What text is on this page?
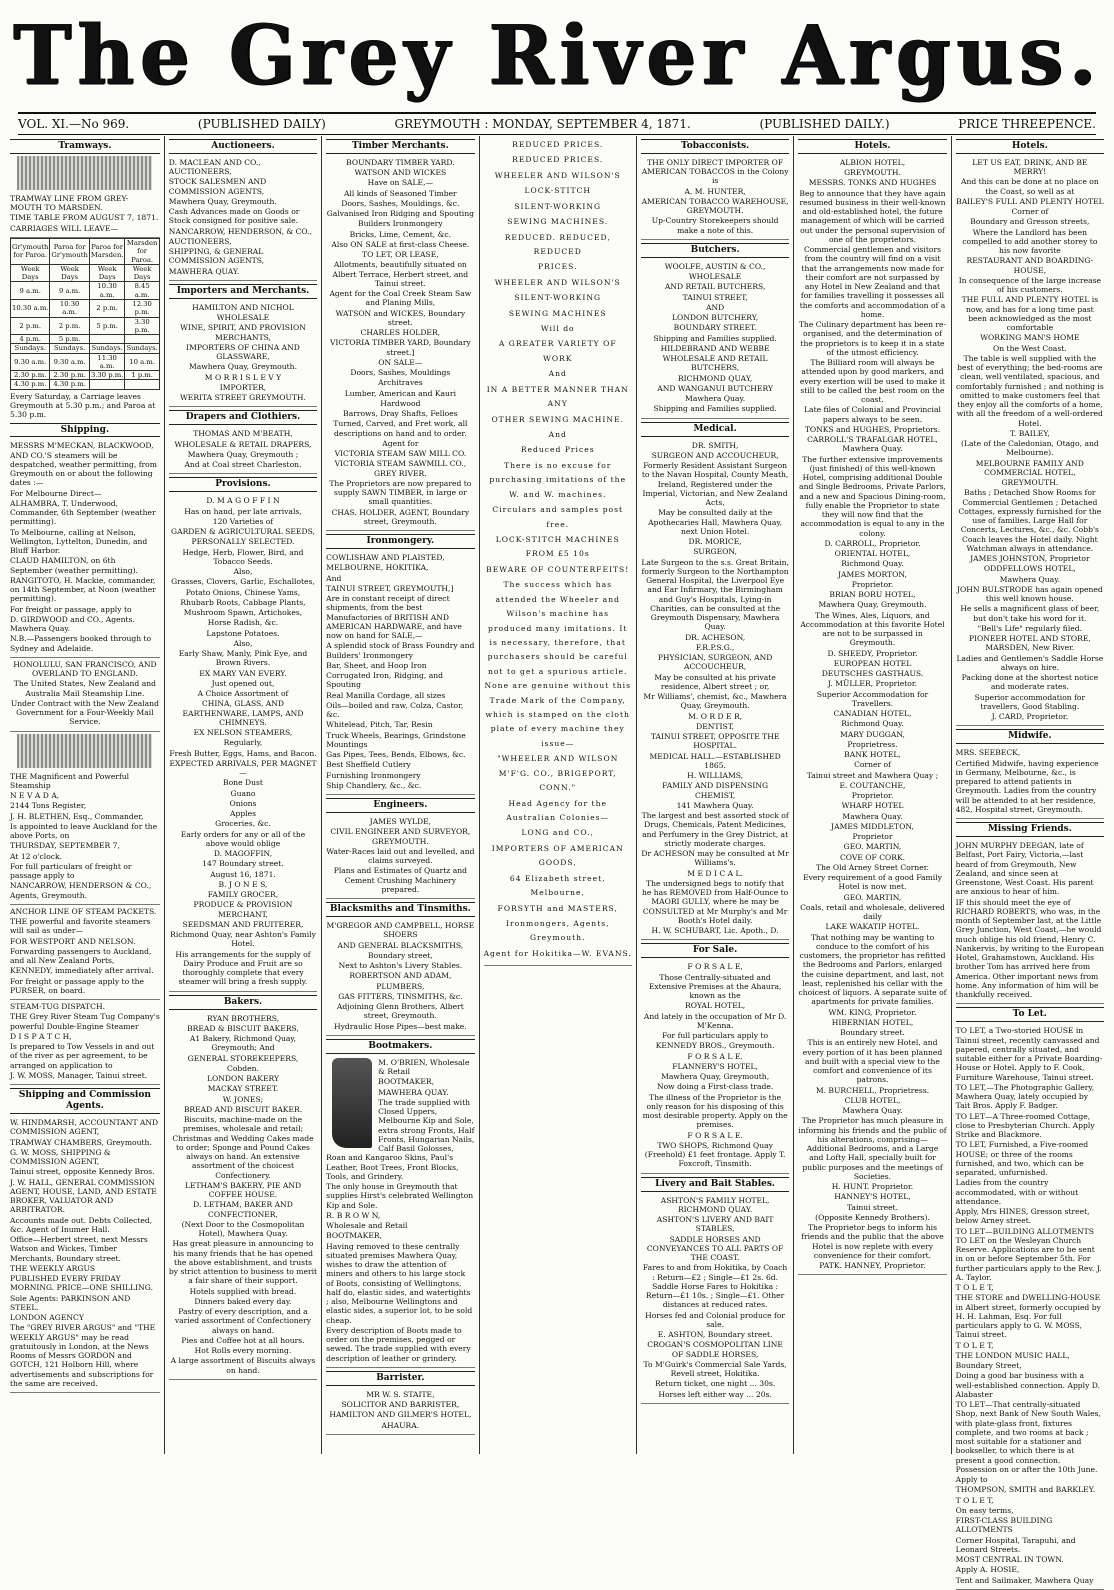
The Grey River Argus.
VOL. XI.—No 969.	(PUBLISHED DAILY)	GREYMOUTH : MONDAY, SEPTEMBER 4, 1871.	(PUBLISHED DAILY.)	PRICE THREEPENCE.
Tramways.

TRAMWAY LINE FROM GREY-MOUTH TO MARSDEN.

TIME TABLE FROM AUGUST 7, 1871.

CARRIAGES WILL LEAVE—

Gr'ymouth for Paroa.	Paroa for Gr'ymouth	Paroa for Marsden.	Marsden for Paroa.
Week Days	Week Days	Week Days	Week Days
9 a.m.	9 a.m.	10.30 a.m.	8.45 a.m.
10.30 a.m.	10.30 a.m.	2 p.m.	12.30 p.m.
2 p.m.	2 p.m.	5 p.m.	3.30 p.m.
4 p.m.	5 p.m.		
Sundays.	Sundays.	Sundays.	Sundays.
9.30 a.m.	9.30 a.m.	11.30 a.m.	10 a.m.
2.30 p.m.	2.30 p.m.	3.30 p.m.	1 p.m.
4.30 p.m.	4.30 p.m.		

Every Saturday, a Carriage leaves Greymouth at 5.30 p.m.; and Paroa at 5.30 p.m.

Shipping.

MESSRS M'MECKAN, BLACKWOOD, AND CO.'S steamers will be despatched, weather permitting, from Greymouth on or about the following dates :—

For Melbourne Direct—

ALHAMBRA, T. Underwood, Commander, 6th September (weather permitting).

To Melbourne, calling at Nelson, Wellington, Lyttelton, Dunedin, and Bluff Harbor.

CLAUD HAMILTON, on 6th September (weather permitting).

RANGITOTO, H. Mackie, commander, on 14th September, at Noon (weather permitting).

For freight or passage, apply to

D. GIRDWOOD and CO., Agents. Mawhera Quay.

N.B.—Passengers booked through to Sydney and Adelaide.

HONOLULU, SAN FRANCISCO, AND OVERLAND TO ENGLAND.

The United States, New Zealand and Australia Mail Steamship Line.

Under Contract with the New Zealand Government for a Four-Weekly Mail Service.

THE Magnificent and Powerful Steamship

N E V A D A,

2144 Tons Register,

J. H. BLETHEN, Esq., Commander,

Is appointed to leave Auckland for the above Ports, on

THURSDAY, SEPTEMBER 7,

At 12 o'clock.

For full particulars of freight or passage apply to

NANCARROW, HENDERSON & CO., Agents, Greymouth.

ANCHOR LINE OF STEAM PACKETS.

THE powerful and favorite steamers will sail as under—

FOR WESTPORT AND NELSON.

Forwarding passengers to Auckland, and all New Zealand Ports,

KENNEDY, immediately after arrival.

For freight or passage apply to the PURSER, on board.

STEAM-TUG DISPATCH.

THE Grey River Steam Tug Company's powerful Double-Engine Steamer

D I S P A T C H,

Is prepared to Tow Vessels in and out of the river as per agreement, to be arranged on application to

J. W. MOSS, Manager, Tainui street.

Shipping and Commission Agents.

W. HINDMARSH, ACCOUNTANT AND COMMISSION AGENT,

TRAMWAY CHAMBERS, Greymouth.

G. W. MOSS, SHIPPING & COMMISSION AGENT,

Tainui street, opposite Kennedy Bros.

J. W. HALL, GENERAL COMMISSION AGENT, HOUSE, LAND, AND ESTATE BROKER, VALUATOR AND ARBITRATOR.

Accounts made out. Debts Collected, &c. Agent of Inumer Hall.

Office—Herbert street, next Messrs Watson and Wickes, Timber Merchants, Boundary street.

THE WEEKLY ARGUS

PUBLISHED EVERY FRIDAY MORNING. PRICE—ONE SHILLING.

Sole Agents: PARKINSON AND STEEL.

LONDON AGENCY

The "GREY RIVER ARGUS" and "THE WEEKLY ARGUS" may be read gratuitously in London, at the News Rooms of Messrs GORDON and GOTCH, 121 Holborn Hill, where advertisements and subscriptions for the same are received.

Auctioneers.

D. MACLEAN AND CO., AUCTIONEERS,

STOCK SALESMEN AND COMMISSION AGENTS,

Mawhera Quay, Greymouth.

Cash Advances made on Goods or Stock consigned for positive sale.

NANCARROW, HENDERSON, & CO.,

AUCTIONEERS,

SHIPPING, & GENERAL COMMISSION AGENTS,

MAWHERA QUAY.

Importers and Merchants.

HAMILTON AND NICHOL

WHOLESALE

WINE, SPIRIT, AND PROVISION MERCHANTS,

IMPORTERS OF CHINA AND GLASSWARE,

Mawhera Quay, Greymouth.

M O R R I S L E V Y

IMPORTER,

WERITA STREET GREYMOUTH.

Drapers and Clothiers.

THOMAS AND M'BEATH,

WHOLESALE & RETAIL DRAPERS,

Mawhera Quay, Greymouth ;

And at Coal street Charleston.

Provisions.

D. M A G O F F I N

Has on hand, per late arrivals,

120 Varieties of

GARDEN & AGRICULTURAL SEEDS,

PERSONALLY SELECTED.

Hedge, Herb, Flower, Bird, and Tobacco Seeds.

Also,

Grasses, Clovers, Garlic, Eschallotes,

Potato Onions, Chinese Yams,

Rhubarb Roots, Cabbage Plants,

Mushroom Spawn, Artichokes,

Horse Radish, &c.

Lapstone Potatoes.

Also,

Early Shaw, Manly, Pink Eye, and Brown Rivers.

EX MARY VAN EVERY.

Just opened out,

A Choice Assortment of

CHINA, GLASS, AND EARTHENWARE, LAMPS, AND CHIMNEYS.

EX NELSON STEAMERS,

Regularly,

Fresh Butter, Eggs, Hams, and Bacon.

EXPECTED ARRIVALS, PER MAGNET—

Bone Dust

Guano

Onions

Apples

Groceries, &c.

Early orders for any or all of the above would oblige

D. MAGOFFIN,

147 Boundary street.

August 16, 1871.

B. J O N E S,

FAMILY GROCER,

PRODUCE & PROVISION MERCHANT,

SEEDSMAN AND FRUITERER,

Richmond Quay, near Ashton's Family Hotel.

His arrangements for the supply of Dairy Produce and Fruit are so thoroughly complete that every steamer will bring a fresh supply.

Bakers.

RYAN BROTHERS,

BREAD & BISCUIT BAKERS,

A1 Bakery, Richmond Quay, Greymouth; And

GENERAL STOREKEEPERS,

Cobden.

LONDON BAKERY

MACKAY STREET.

W. JONES;

BREAD AND BISCUIT BAKER.

Biscuits, machine-made on the premises, wholesale and retail; Christmas and Wedding Cakes made to order; Sponge and Pound Cakes always on hand. An extensive assortment of the choicest Confectionery.

LETHAM'S BAKERY, PIE AND COFFEE HOUSE.

D. LETHAM, BAKER AND CONFECTIONER,

(Next Door to the Cosmopolitan Hotel), Mawhera Quay.

Has great pleasure in announcing to his many friends that he has opened the above establishment, and trusts by strict attention to business to merit a fair share of their support.

Hotels supplied with bread.

Dinners baked every day.

Pastry of every description, and a varied assortment of Confectionery always on hand.

Pies and Coffee hot at all hours.

Hot Rolls every morning.

A large assortment of Biscuits always on hand.

Timber Merchants.

BOUNDARY TIMBER YARD.

WATSON AND WICKES

Have on SALE,—

All kinds of Seasoned Timber

Doors, Sashes, Mouldings, &c.

Galvanised Iron Ridging and Spouting

Builders Ironmongery

Bricks, Lime, Cement, &c.

Also ON SALE at first-class Cheese.

TO LET, OR LEASE,

Allotments, beautifully situated on Albert Terrace, Herbert street, and Tainui street.

Agent for the Coal Creek Steam Saw and Planing Mills,

WATSON and WICKES, Boundary street.

CHARLES HOLDER,

VICTORIA TIMBER YARD, Boundary street.]

ON SALE—

Doors, Sashes, Mouldings

Architraves

Lumber, American and Kauri

Hardwood

Barrows, Dray Shafts, Felloes

Turned, Carved, and Fret work, all descriptions on hand and to order.

Agent for

VICTORIA STEAM SAW MILL CO.

VICTORIA STEAM SAWMILL CO., GREY RIVER.

The Proprietors are now prepared to supply SAWN TIMBER, in large or small quantities.

CHAS. HOLDER, AGENT, Boundary street, Greymouth.

Ironmongery.

COWLISHAW AND PLAISTED,

MELBOURNE, HOKITIKA,

And

TAINUI STREET, GREYMOUTH,]

Are in constant receipt of direct shipments, from the best Manufactories of BRITISH AND AMERICAN HARDWARE, and have now on hand for SALE,—

A splendid stock of Brass Foundry and Builders' Ironmongery

Bar, Sheet, and Hoop Iron

Corrugated Iron, Ridging, and Spouting

Real Manilla Cordage, all sizes

Oils—boiled and raw, Colza, Castor, &c.

Whitelead, Pitch, Tar, Resin

Truck Wheels, Bearings, Grindstone Mountings

Gas Pipes, Tees, Bends, Elbows, &c.

Best Sheffield Cutlery

Furnishing Ironmongery

Ship Chandlery, &c., &c.

Engineers.

JAMES WYLDE,

CIVIL ENGINEER AND SURVEYOR, GREYMOUTH.

Water-Races laid out and levelled, and claims surveyed.

Plans and Estimates of Quartz and Cement Crushing Machinery prepared.

Blacksmiths and Tinsmiths.

M'GREGOR AND CAMPBELL, HORSE SHOERS

AND GENERAL BLACKSMITHS,

Boundary street,

Next to Ashton's Livery Stables.

ROBERTSON AND ADAM,

PLUMBERS,

GAS FITTERS, TINSMITHS, &c.

Adjoining Glenn Brothers, Albert street, Greymouth.

Hydraulic Hose Pipes—best make.

Bootmakers.

M. O'BRIEN, Wholesale & Retail

BOOTMAKER,

MAWHERA QUAY.

The trade supplied with Closed Uppers, Melbourne Kip and Sole, extra strong Fronts, Half Fronts, Hungarian Nails, Calf Basil Golosses, Roan and Kangaroo Skins, Paul's Leather, Boot Trees, Front Blocks, Tools, and Grindery.

The only house in Greymouth that supplies Hirst's celebrated Wellington Kip and Sole.

R. B R O W N,

Wholesale and Retail

BOOTMAKER,

Having removed to these centrally situated premises Mawhera Quay, wishes to draw the attention of miners and others to his large stock of Boots, consisting of Wellingtons, half do, elastic sides, and watertights ; also, Melbourne Wellingtons and elastic sides, a superior lot, to be sold cheap.

Every description of Boots made to order on the premises, pegged or sewed. The trade supplied with every description of leather or grindery.

Barrister.

MR W. S. STAITE,

SOLICITOR AND BARRISTER,

HAMILTON AND GILMER'S HOTEL,

AHAURA.

REDUCED PRICES.

REDUCED PRICES.

WHEELER AND WILSON'S

LOCK-STITCH

SILENT-WORKING

SEWING MACHINES.

REDUCED. REDUCED, REDUCED

PRICES.

WHEELER AND WILSON'S

SILENT-WORKING

SEWING MACHINES

Will do

A GREATER VARIETY OF WORK

And

IN A BETTER MANNER THAN ANY

OTHER SEWING MACHINE.

And

Reduced Prices

There is no excuse for purchasing imitations of the W. and W. machines.

Circulars and samples post free.

LOCK-STITCH MACHINES FROM £5 10s

BEWARE OF COUNTERFEITS!

The success which has attended the Wheeler and Wilson's machine has produced many imitations. It is necessary, therefore, that purchasers should be careful not to get a spurious article. None are genuine without this Trade Mark of the Company, which is stamped on the cloth plate of every machine they issue—

"WHEELER AND WILSON M'F'G. CO., BRIGEPORT, CONN."

Head Agency for the Australian Colonies—

LONG and CO.,

IMPORTERS OF AMERICAN GOODS,

64 Elizabeth street, Melbourne,

FORSYTH and MASTERS,

Ironmongers, Agents, Greymouth.

Agent for Hokitika—W. EVANS.

Tobacconists.

THE ONLY DIRECT IMPORTER OF AMERICAN TOBACCOS in the Colony is

A. M. HUNTER,

AMERICAN TOBACCO WAREHOUSE, GREYMOUTH.

Up-Country Storekeepers should make a note of this.

Butchers.

WOOLFE, AUSTIN & CO.,

WHOLESALE

AND RETAIL BUTCHERS,

TAINUI STREET,

AND

LONDON BUTCHERY,

BOUNDARY STREET.

Shipping and Families supplied.

HILDEBRAND AND WEBBE

WHOLESALE AND RETAIL BUTCHERS,

RICHMOND QUAY,

AND WANGANUI BUTCHERY

Mawhera Quay.

Shipping and Families supplied.

Medical.

DR. SMITH,

SURGEON AND ACCOUCHEUR,

Formerly Resident Assistant Surgeon to the Navan Hospital, County Meath, Ireland, Registered under the Imperial, Victorian, and New Zealand Acts,

May be consulted daily at the Apothecaries Hall, Mawhera Quay, next Union Hotel.

DR. MORICE,

SURGEON,

Late Surgeon to the s.s. Great Britain, formerly Surgeon to the Northampton General Hospital, the Liverpool Eye and Ear Infirmary, the Birmingham and Guy's Hospitals, Lying-in Charities, can be consulted at the Greymouth Dispensary, Mawhera Quay.

DR. ACHESON,

F.R.P.S.G.,

PHYSICIAN, SURGEON, AND ACCOUCHEUR,

May be consulted at his private residence, Albert street ; or,

Mr Williams', chemist, &c., Mawhera Quay, Greymouth.

M. O R D E R,

DENTIST,

TAINUI STREET, OPPOSITE THE HOSPITAL.

MEDICAL HALL.—ESTABLISHED 1865.

H. WILLIAMS,

FAMILY AND DISPENSING CHEMIST,

141 Mawhera Quay.

The largest and best assorted stock of Drugs, Chemicals, Patent Medicines, and Perfumery in the Grey District, at strictly moderate charges.

Dr ACHESON may be consulted at Mr Williams's.

M E D I C A L.

The undersigned begs to notify that he has REMOVED from Half-Ounce to MAORI GULLY, where he may be CONSULTED at Mr Murphy's and Mr Booth's Hotel daily.

H. W. SCHUBART, Lic. Apoth., D.

For Sale.

F O R S A L E,

Those Centrally-situated and Extensive Premises at the Ahaura, known as the

ROYAL HOTEL,

And lately in the occupation of Mr D. M'Kenna.

For full particulars apply to

KENNEDY BROS., Greymouth.

F O R S A L E.

FLANNERY'S HOTEL,

Mawhera Quay, Greymouth,

Now doing a First-class trade.

The illness of the Proprietor is the only reason for his disposing of this most desirable property. Apply on the premises.

F O R S A L E.

TWO SHOPS, Richmond Quay (Freehold) £1 feet frontage. Apply T. Foxcroft, Tinsmith.

Livery and Bait Stables.

ASHTON'S FAMILY HOTEL, RICHMOND QUAY.

ASHTON'S LIVERY AND BAIT STABLES,

SADDLE HORSES AND CONVEYANCES TO ALL PARTS OF THE COAST.

Fares to and from Hokitika, by Coach : Return—£2 ; Single—£1 2s. 6d. Saddle Horse Fares to Hokitika : Return—£1 10s. ; Single—£1. Other distances at reduced rates.

Horses fed and Colonial produce for sale.

E. ASHTON, Boundary street.

CROGAN'S COSMOPOLITAN LINE OF SADDLE HORSES,

To M'Guirk's Commercial Sale Yards, Revell street, Hokitika.

Return ticket, one night ... 30s.

Horses left either way ... 20s.

Hotels.

ALBION HOTEL,

GREYMOUTH.

MESSRS. TONKS AND HUGHES

Beg to announce that they have again resumed business in their well-known and old-established hotel, the future management of which will be carried out under the personal supervision of one of the proprietors.

Commercial gentlemen and visitors from the country will find on a visit that the arrangements now made for their comfort are not surpassed by any Hotel in New Zealand and that for families travelling it possesses all the comforts and accommodation of a home.

The Culinary department has been re-organised, and the determination of the proprietors is to keep it in a state of the utmost efficiency.

The Billiard room will always be attended upon by good markers, and every exertion will be used to make it still to be called the best room on the coast.

Late files of Colonial and Provincial papers always to be seen.

TONKS and HUGHES, Proprietors.

CARROLL'S TRAFALGAR HOTEL, Mawhera Quay.

The further extensive improvements (just finished) of this well-known Hotel, comprising additional Double and Single Bedrooms, Private Parlors, and a new and Spacious Dining-room, fully enable the Proprietor to state they will now find that the accommodation is equal to any in the colony.

D. CARROLL, Proprietor.

ORIENTAL HOTEL,

Richmond Quay.

JAMES MORTON,

Proprietor.

BRIAN BORU HOTEL,

Mawhera Quay, Greymouth.

The Wines, Ales, Liquors, and Accommodation at this favorite Hotel are not to be surpassed in Greymouth.

D. SHEEDY, Proprietor.

EUROPEAN HOTEL

DEUTSCHES GASTHAUS.

J. MÜLLER, Proprietor.

Superior Accommodation for Travellers.

CANADIAN HOTEL,

Richmond Quay.

MARY DUGGAN,

Proprietress.

BANK HOTEL,

Corner of

Tainui street and Mawhera Quay ;

E. COUTANCHE,

Proprietor.

WHARF HOTEL

Mawhera Quay.

JAMES MIDDLETON,

Proprietor

GEO. MARTIN,

COVE OF CORK.

The Old Arney Street Corner.

Every requirement of a good Family Hotel is now met.

GEO. MARTIN,

Coals, retail and wholesale, delivered daily

LAKE WAKATIP HOTEL.

That nothing may be wanting to conduce to the comfort of his customers, the proprietor has refitted the Bedrooms and Parlors, enlarged the cuisine department, and last, not least, replenished his cellar with the choicest of liquors. A separate suite of apartments for private families.

WM. KING, Proprietor.

HIBERNIAN HOTEL,

Boundary street.

This is an entirely new Hotel, and every portion of it has been planned and built with a special view to the comfort and convenience of its patrons.

M. BURCHELL, Proprietress.

CLUB HOTEL,

Mawhera Quay.

The Proprietor has much pleasure in informing his friends and the public of his alterations, comprising—Additional Bedrooms, and a Large and Lofty Hall, specially built for public purposes and the meetings of Societies.

H. HUNT. Proprietor.

HANNEY'S HOTEL,

Tainui street.

(Opposite Kennedy Brothers).

The Proprietor begs to inform his friends and the public that the above Hotel is now replete with every convenience for their comfort.

PATK. HANNEY, Proprietor.

Hotels.

LET US EAT, DRINK, AND BE MERRY!

And this can be done at no place on the Coast, so well as at

BAILEY'S FULL AND PLENTY HOTEL

Corner of

Boundary and Gresson streets,

Where the Landlord has been compelled to add another storey to his now favorite

RESTAURANT AND BOARDING-HOUSE,

In consequence of the large increase of his customers.

THE FULL AND PLENTY HOTEL is now, and has for a long time past been acknowledged as the most comfortable

WORKING MAN'S HOME

On the West Coast.

The table is well supplied with the best of everything; the bed-rooms are clean, well ventilated, spacious, and comfortably furnished ; and nothing is omitted to make customers feel that they enjoy all the comforts of a home, with all the freedom of a well-ordered Hotel.

T. BAILEY,

(Late of the Caledonian, Otago, and Melbourne).

MELBOURNE FAMILY AND COMMERCIAL HOTEL,

GREYMOUTH.

Baths ; Detached Show Rooms for Commercial Gentlemen ; Detached Cottages, expressly furnished for the use of families. Large Hall for Concerts, Lectures, &c., &c. Cobb's Coach leaves the Hotel daily. Night Watchman always in attendance.

JAMES JOHNSTON, Proprietor

ODDFELLOWS HOTEL,

Mawhera Quay.

JOHN BULSTRODE has again opened this well known house.

He sells a magnificent glass of beer, but don't take his word for it.

"Bell's Life" regularly filed.

PIONEER HOTEL AND STORE, MARSDEN, New River.

Ladies and Gentlemen's Saddle Horse always on hire.

Packing done at the shortest notice and moderate rates.

Superior accommodation for travellers, Good Stabling.

J. CARD, Proprietor.

Midwife.

MRS. SEEBECK,

Certified Midwife, having experience in Germany, Melbourne, &c., is prepared to attend patients in Greymouth. Ladies from the country will be attended to at her residence, 482, Hospital street, Greymouth.

Missing Friends.

JOHN MURPHY DEEGAN, late of Belfast, Port Fairy, Victoria,—last heard of from Greymouth, New Zealand, and since seen at Greenstone, West Coast. His parent are anxious to hear of him.

IF this should meet the eye of RICHARD ROBERTS, who was, in the month of September last, at the Little Grey Junction, West Coast,—he would much oblige his old friend, Henry C. Nankervis, by writing to the European Hotel, Grahamstown, Auckland. His brother Tom has arrived here from America. Other important news from home. Any information of him will be thankfully received.

To Let.

TO LET, a Two-storied HOUSE in Tainui street, recently canvassed and papered, centrally situated, and suitable either for a Private Boarding-House or Hotel. Apply to F. Cook, Furniture Warehouse, Tainui street.

TO LET,—The Photographic Gallery, Mawhera Quay, lately occupied by Tait Bros. Apply F. Badger.

TO LET—A Three-roomed Cottage, close to Presbyterian Church. Apply Strike and Blackmore.

TO LET, Furnished, a Five-roomed HOUSE; or three of the rooms furnished, and two, which can be separated, unfurnished.

Ladies from the country accommodated, with or without attendance.

Apply, Mrs HINES, Gresson street, below Arney street.

TO LET—BUILDING ALLOTMENTS TO LET on the Wesleyan Church Reserve. Applications are to be sent in on or before September 5th. For further particulars apply to the Rev. J. A. Taylor.

T O L E T,

THE STORE and DWELLING-HOUSE in Albert street, formerly occupied by H. H. Lahman, Esq. For full particulars apply to G. W. MOSS, Tainui street.

T O L E T,

THE LONDON MUSIC HALL,

Boundary Street,

Doing a good bar business with a well-established connection. Apply D. Alabaster

TO LET—That centrally-situated Shop, next Bank of New South Wales, with plate-glass front, fixtures complete, and two rooms at back ; most suitable for a stationer and bookseller, to which there is at present a good connection. Possession on or after the 10th June.

Apply to

THOMPSON, SMITH and BARKLEY.

T O L E T,

On easy terms,

FIRST-CLASS BUILDING ALLOTMENTS

Corner Hospital, Tarapuhi, and Leonard Streets.

MOST CENTRAL IN TOWN.

Apply A. HOSIE,

Tent and Sailmaker, Mawhera Quay
